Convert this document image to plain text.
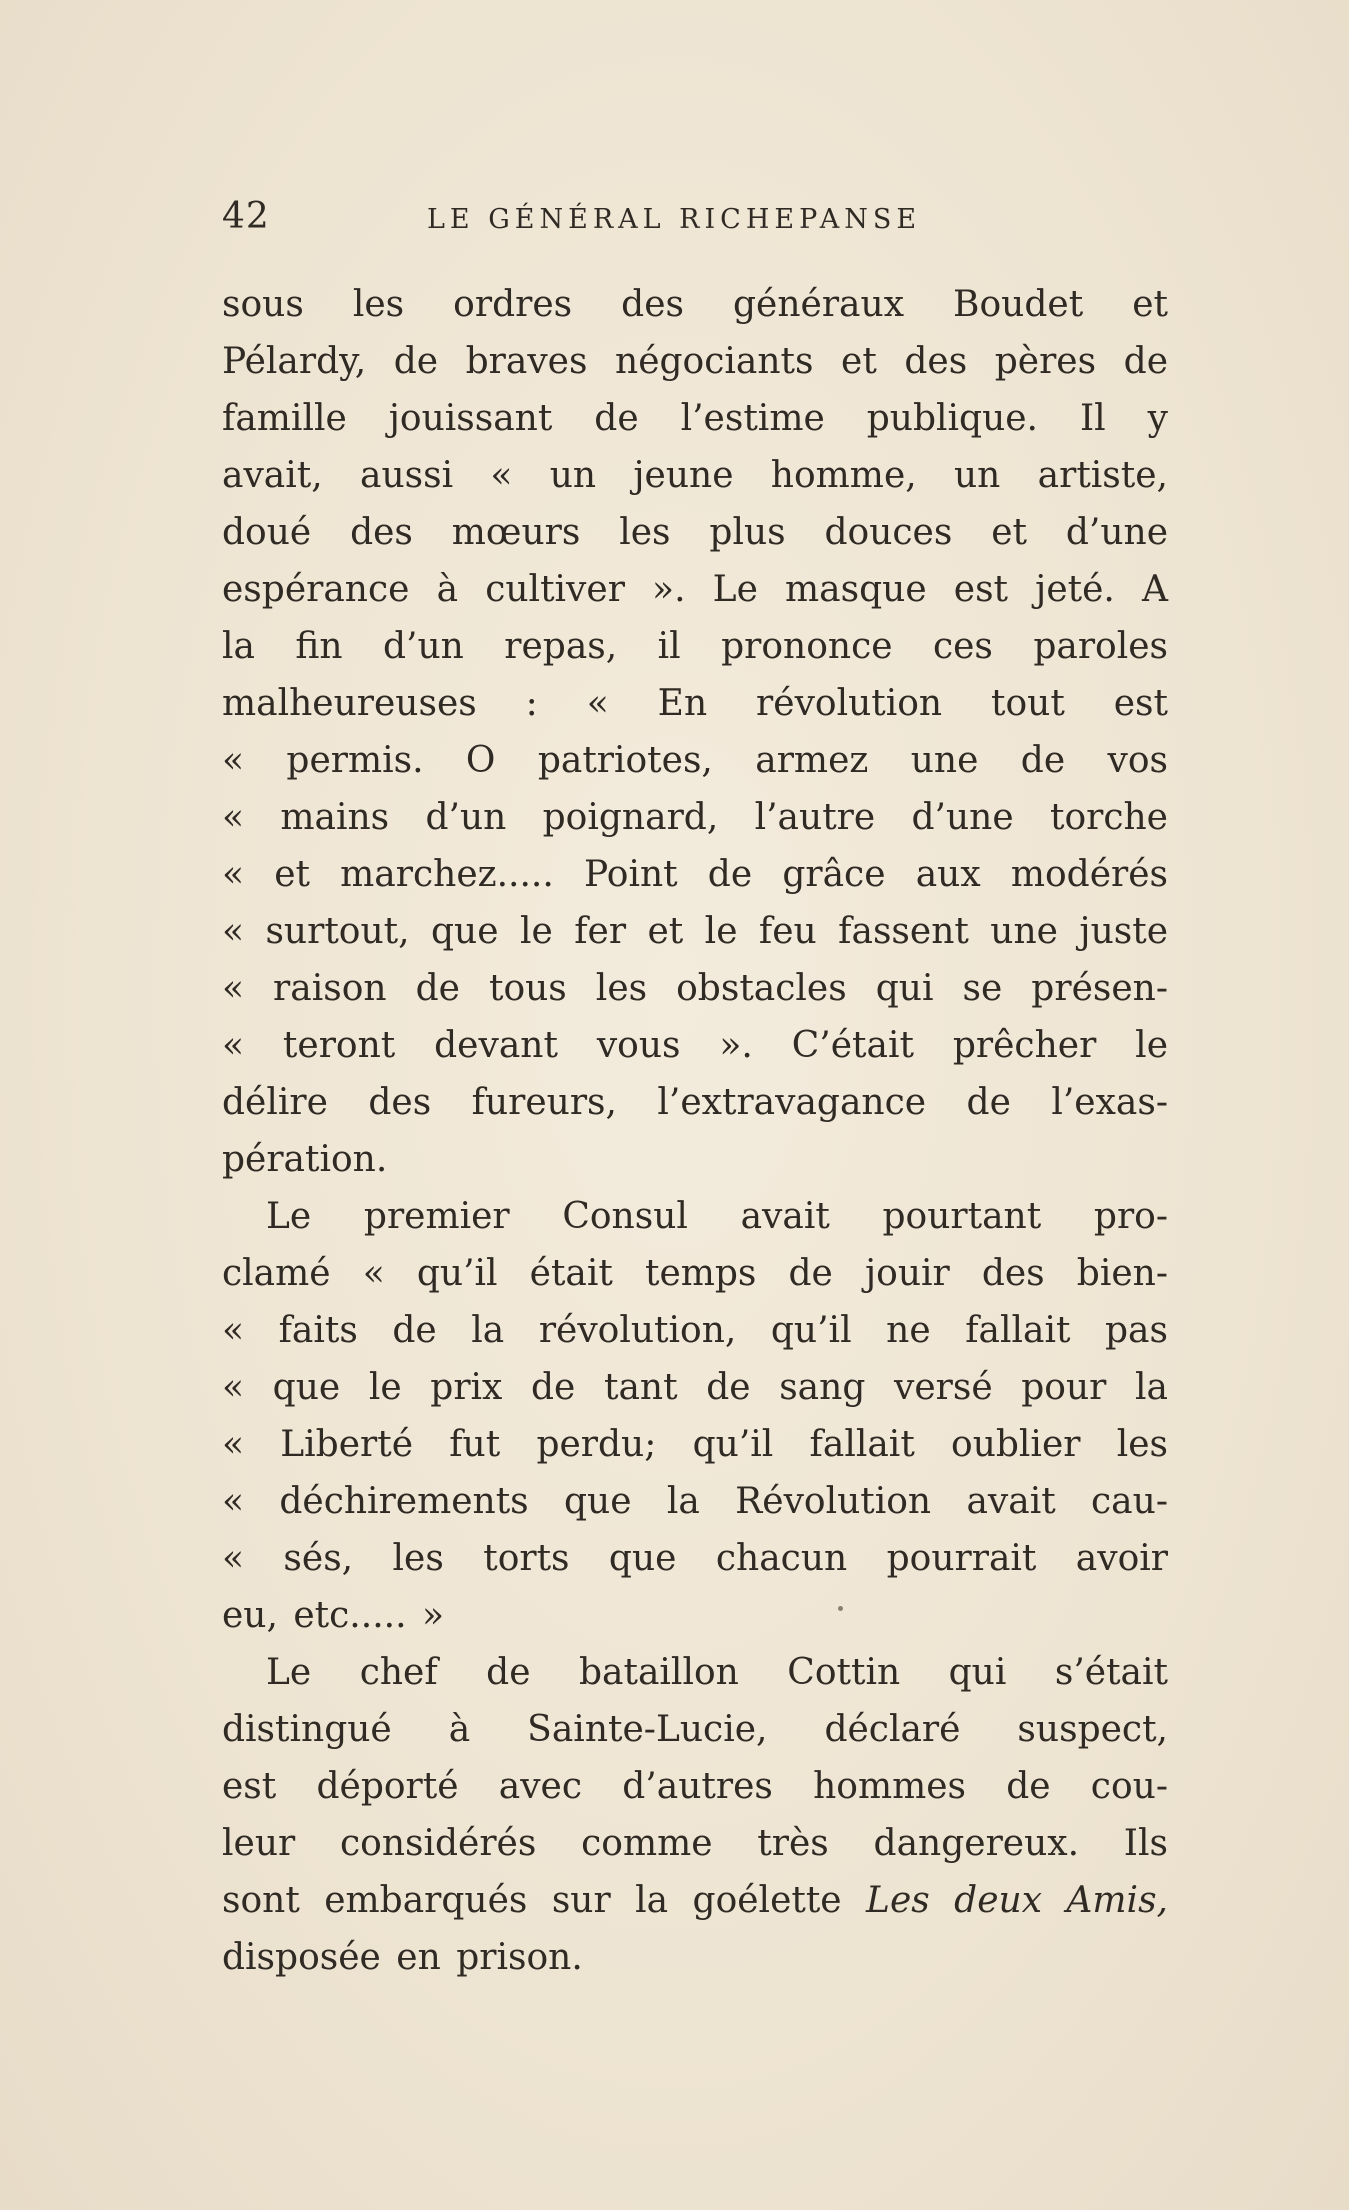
42	LE GÉNÉRAL RICHEPANSE
sous les ordres des généraux Boudet et
Pélardy, de braves négociants et des pères de
famille jouissant de l’estime publique. Il y
avait, aussi « un jeune homme, un artiste,
doué des mœurs les plus douces et d’une
espérance à cultiver ». Le masque est jeté. A
la fin d’un repas, il prononce ces paroles
malheureuses : « En révolution tout est
« permis. O patriotes, armez une de vos
« mains d’un poignard, l’autre d’une torche
« et marchez..... Point de grâce aux modérés
« surtout, que le fer et le feu fassent une juste
« raison de tous les obstacles qui se présen-
« teront devant vous ». C’était prêcher le
délire des fureurs, l’extravagance de l’exas-
pération.
Le premier Consul avait pourtant pro-
clamé « qu’il était temps de jouir des bien-
« faits de la révolution, qu’il ne fallait pas
« que le prix de tant de sang versé pour la
« Liberté fut perdu; qu’il fallait oublier les
« déchirements que la Révolution avait cau-
« sés, les torts que chacun pourrait avoir
eu, etc..... »
Le chef de bataillon Cottin qui s’était
distingué à Sainte-Lucie, déclaré suspect,
est déporté avec d’autres hommes de cou-
leur considérés comme très dangereux. Ils
sont embarqués sur la goélette Les deux Amis,
disposée en prison.
